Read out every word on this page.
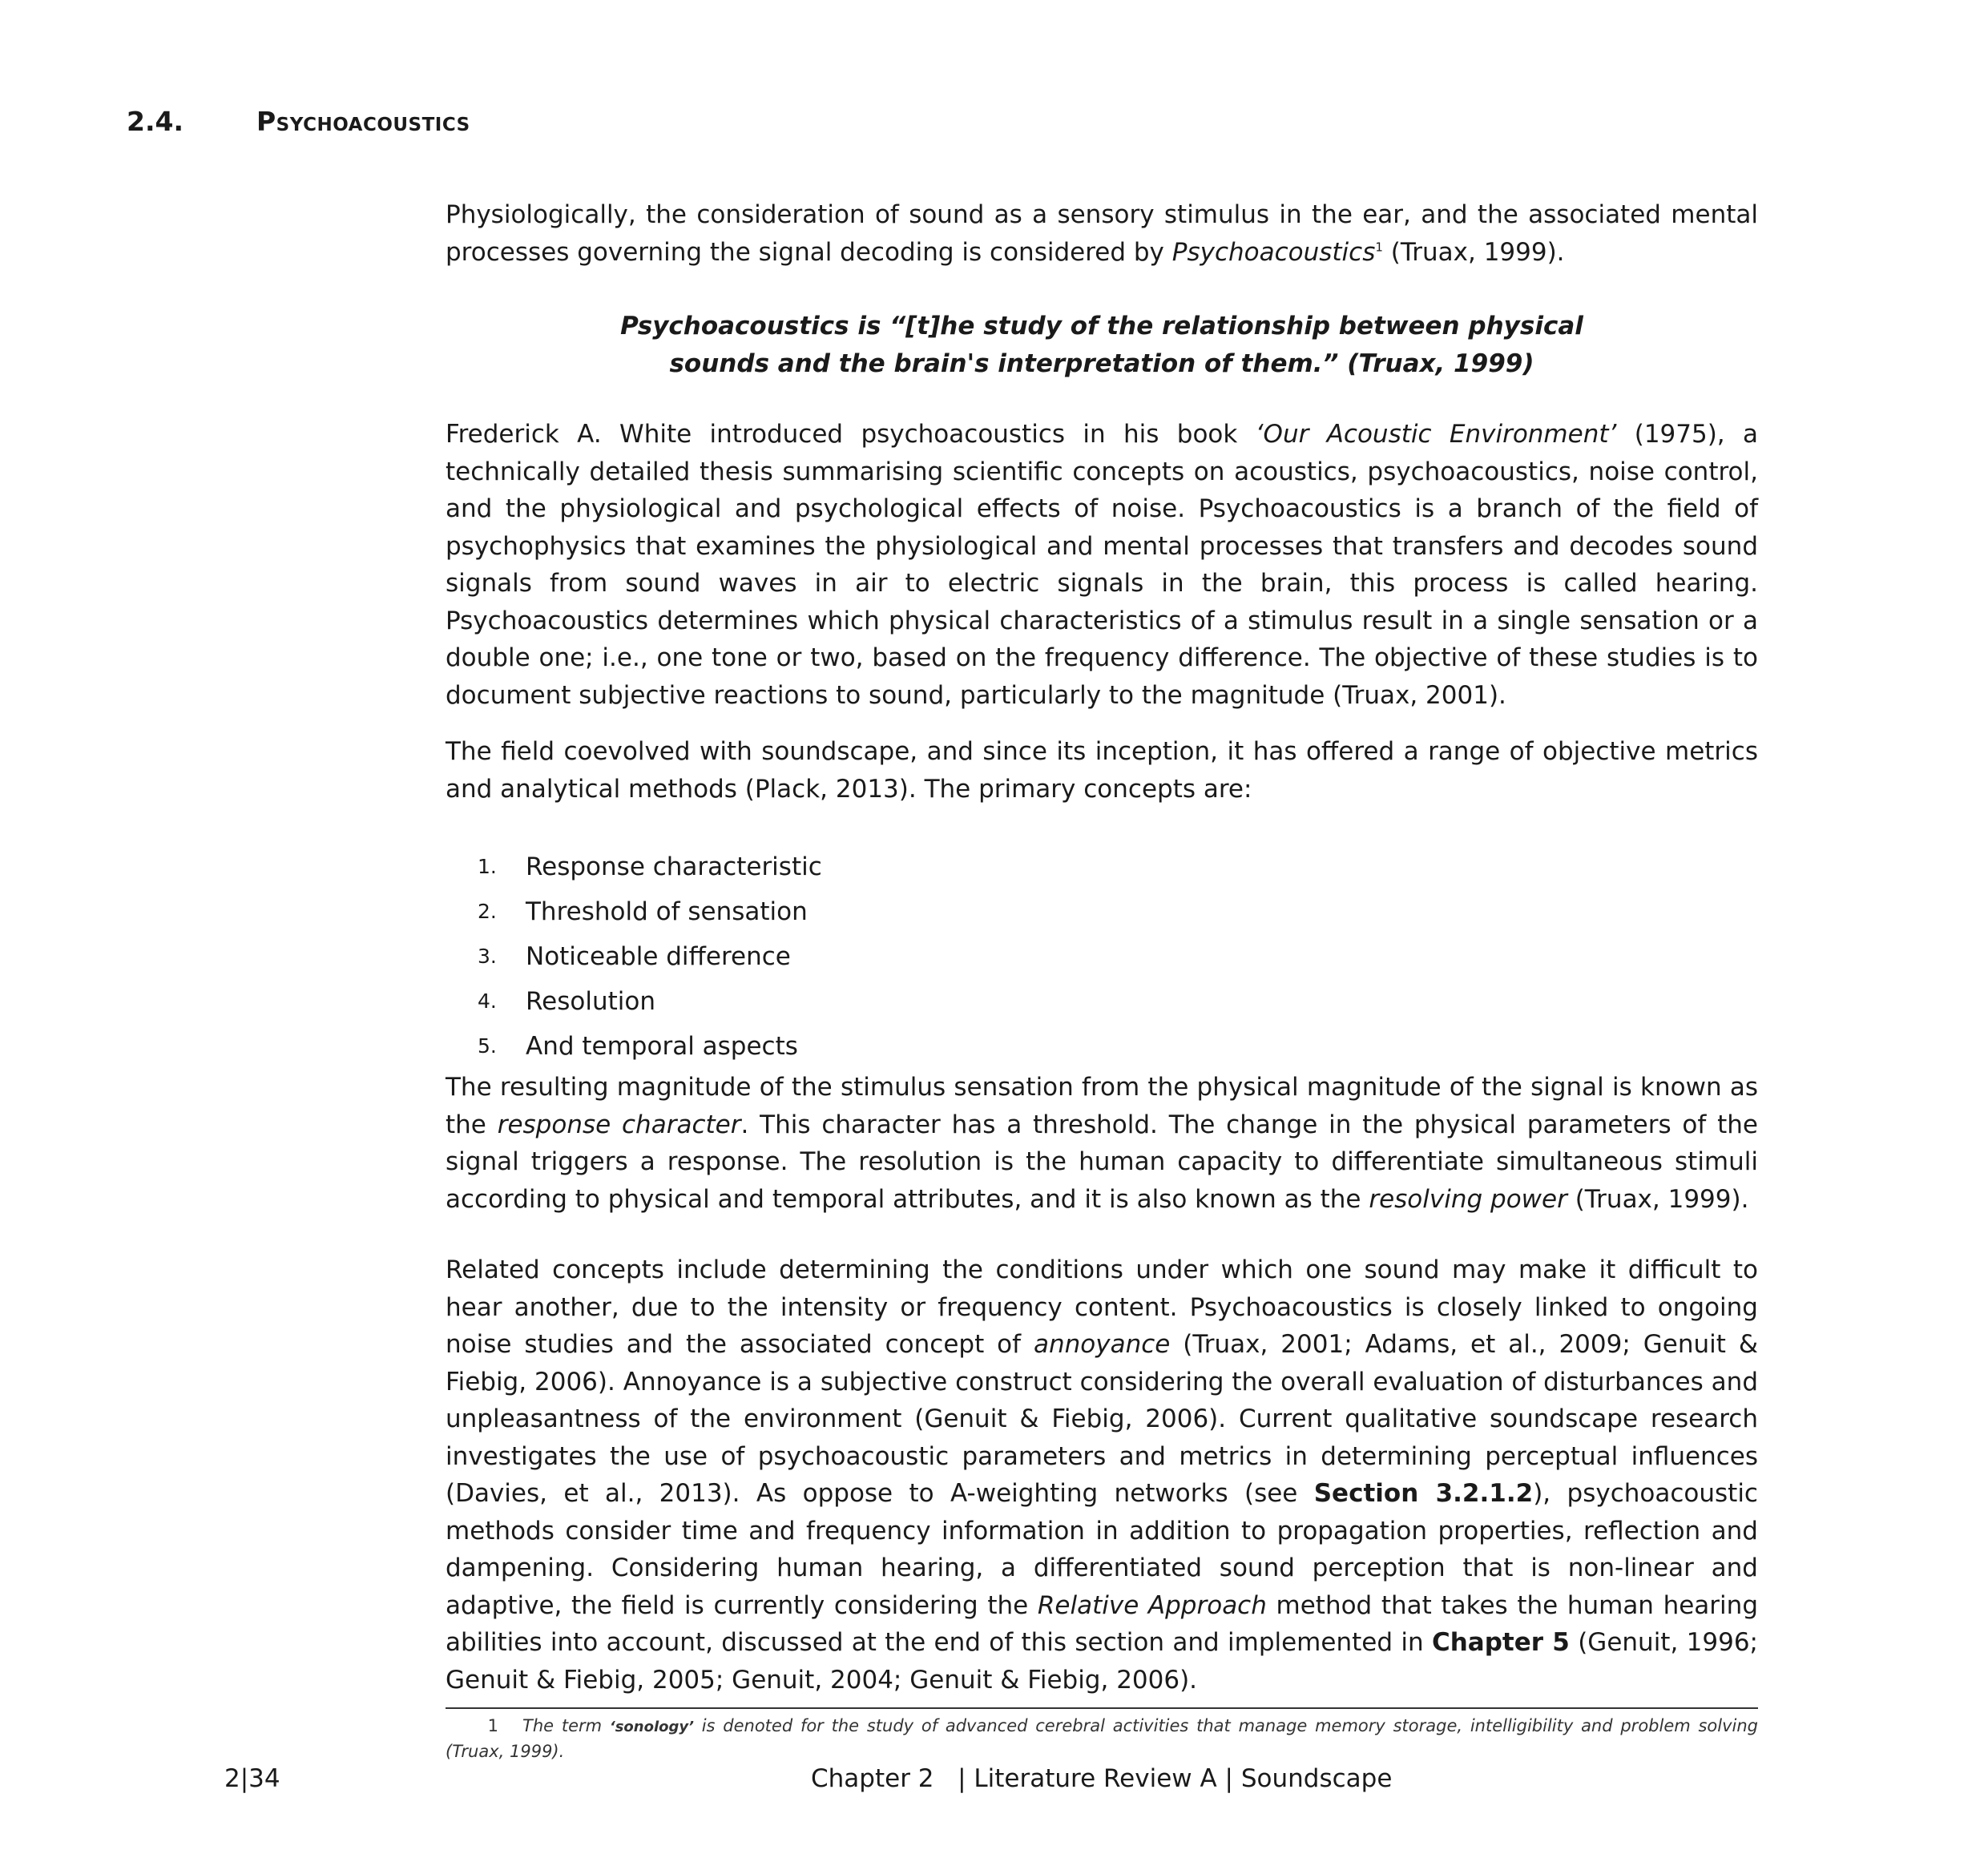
2.4.	Psychoacoustics

Physiologically, the consideration of sound as a sensory stimulus in the ear, and the associated mental processes governing the signal decoding is considered by Psychoacoustics$^1$ (Truax, 1999).

Psychoacoustics is “[t]he study of the relationship between physical
sounds and the brain's interpretation of them.” (Truax, 1999)

Frederick A. White introduced psychoacoustics in his book ‘Our Acoustic Environment’ (1975), a technically detailed thesis summarising scientific concepts on acoustics, psychoacoustics, noise control, and the physiological and psychological effects of noise. Psychoacoustics is a branch of the field of psychophysics that examines the physiological and mental processes that transfers and decodes sound signals from sound waves in air to electric signals in the brain, this process is called hearing. Psychoacoustics determines which physical characteristics of a stimulus result in a single sensation or a double one; i.e., one tone or two, based on the frequency difference. The objective of these studies is to document subjective reactions to sound, particularly to the magnitude (Truax, 2001).

The field coevolved with soundscape, and since its inception, it has offered a range of objective metrics and analytical methods (Plack, 2013). The primary concepts are:

1.	Response characteristic
2.	Threshold of sensation
3.	Noticeable difference
4.	Resolution
5.	And temporal aspects

The resulting magnitude of the stimulus sensation from the physical magnitude of the signal is known as the response character. This character has a threshold. The change in the physical parameters of the signal triggers a response. The resolution is the human capacity to differentiate simultaneous stimuli according to physical and temporal attributes, and it is also known as the resolving power (Truax, 1999).

Related concepts include determining the conditions under which one sound may make it difficult to hear another, due to the intensity or frequency content. Psychoacoustics is closely linked to ongoing noise studies and the associated concept of annoyance (Truax, 2001; Adams, et al., 2009; Genuit & Fiebig, 2006). Annoyance is a subjective construct considering the overall evaluation of disturbances and unpleasantness of the environment (Genuit & Fiebig, 2006). Current qualitative soundscape research investigates the use of psychoacoustic parameters and metrics in determining perceptual influences (Davies, et al., 2013). As oppose to A-weighting networks (see Section 3.2.1.2), psychoacoustic methods consider time and frequency information in addition to propagation properties, reflection and dampening. Considering human hearing, a differentiated sound perception that is non-linear and adaptive, the field is currently considering the Relative Approach method that takes the human hearing abilities into account, discussed at the end of this section and implemented in Chapter 5 (Genuit, 1996; Genuit & Fiebig, 2005; Genuit, 2004; Genuit & Fiebig, 2006).

1 The term ‘sonology’ is denoted for the study of advanced cerebral activities that manage memory storage, intelligibility and problem solving (Truax, 1999).
2|34	Chapter 2   | Literature Review A | Soundscape
